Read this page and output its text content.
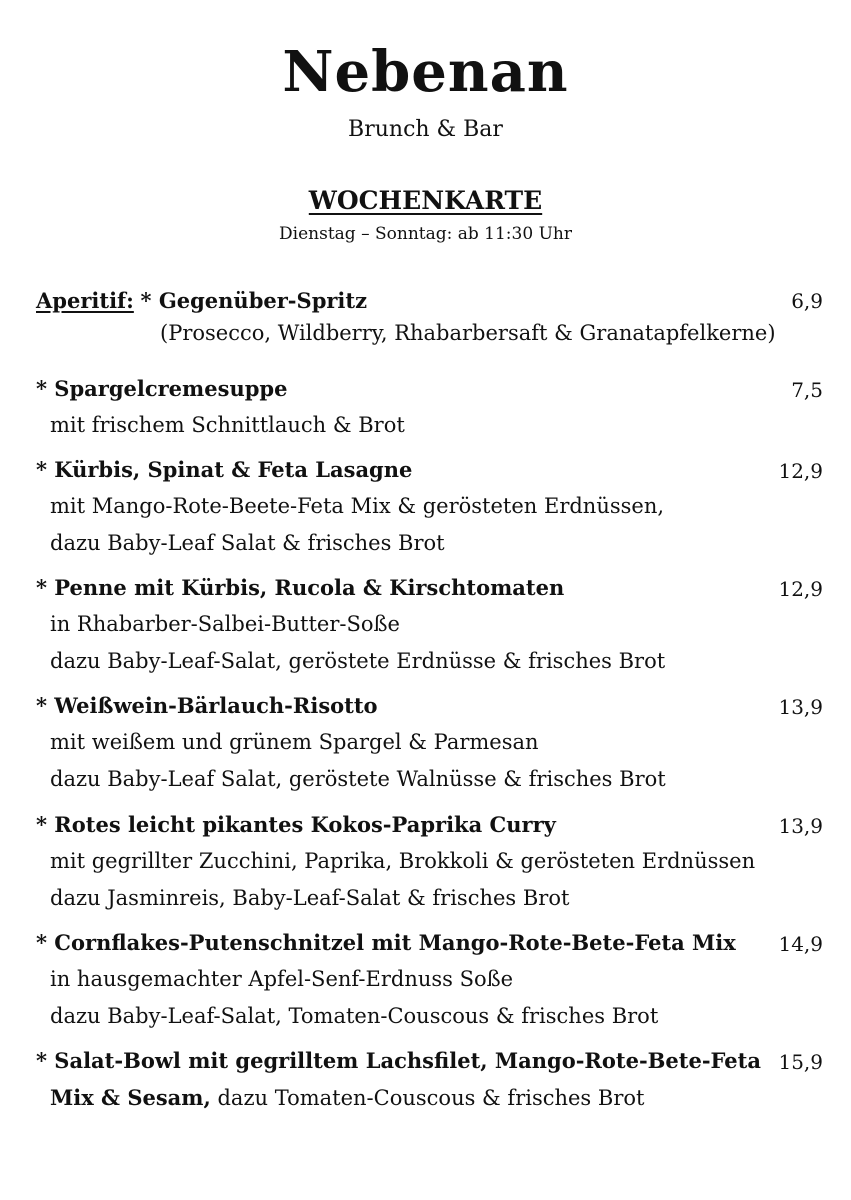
Nebenan
Brunch & Bar
WOCHENKARTE
Dienstag – Sonntag: ab 11:30 Uhr
Aperitif: * Gegenüber-Spritz
(Prosecco, Wildberry, Rhabarbersaft & Granatapfelkerne)
6,9
* Spargelcremesuppe
mit frischem Schnittlauch & Brot
7,5
* Kürbis, Spinat & Feta Lasagne
mit Mango-Rote-Beete-Feta Mix & gerösteten Erdnüssen,
dazu Baby-Leaf Salat & frisches Brot
12,9
* Penne mit Kürbis, Rucola & Kirschtomaten
in Rhabarber-Salbei-Butter-Soße
dazu Baby-Leaf-Salat, geröstete Erdnüsse & frisches Brot
12,9
* Weißwein-Bärlauch-Risotto
mit weißem und grünem Spargel & Parmesan
dazu Baby-Leaf Salat, geröstete Walnüsse & frisches Brot
13,9
* Rotes leicht pikantes Kokos-Paprika Curry
mit gegrillter Zucchini, Paprika, Brokkoli & gerösteten Erdnüssen
dazu Jasminreis, Baby-Leaf-Salat & frisches Brot
13,9
* Cornflakes-Putenschnitzel mit Mango-Rote-Bete-Feta Mix
in hausgemachter Apfel-Senf-Erdnuss Soße
dazu Baby-Leaf-Salat, Tomaten-Couscous & frisches Brot
14,9
* Salat-Bowl mit gegrilltem Lachsfilet, Mango-Rote-Bete-Feta
Mix & Sesam, dazu Tomaten-Couscous & frisches Brot
15,9
